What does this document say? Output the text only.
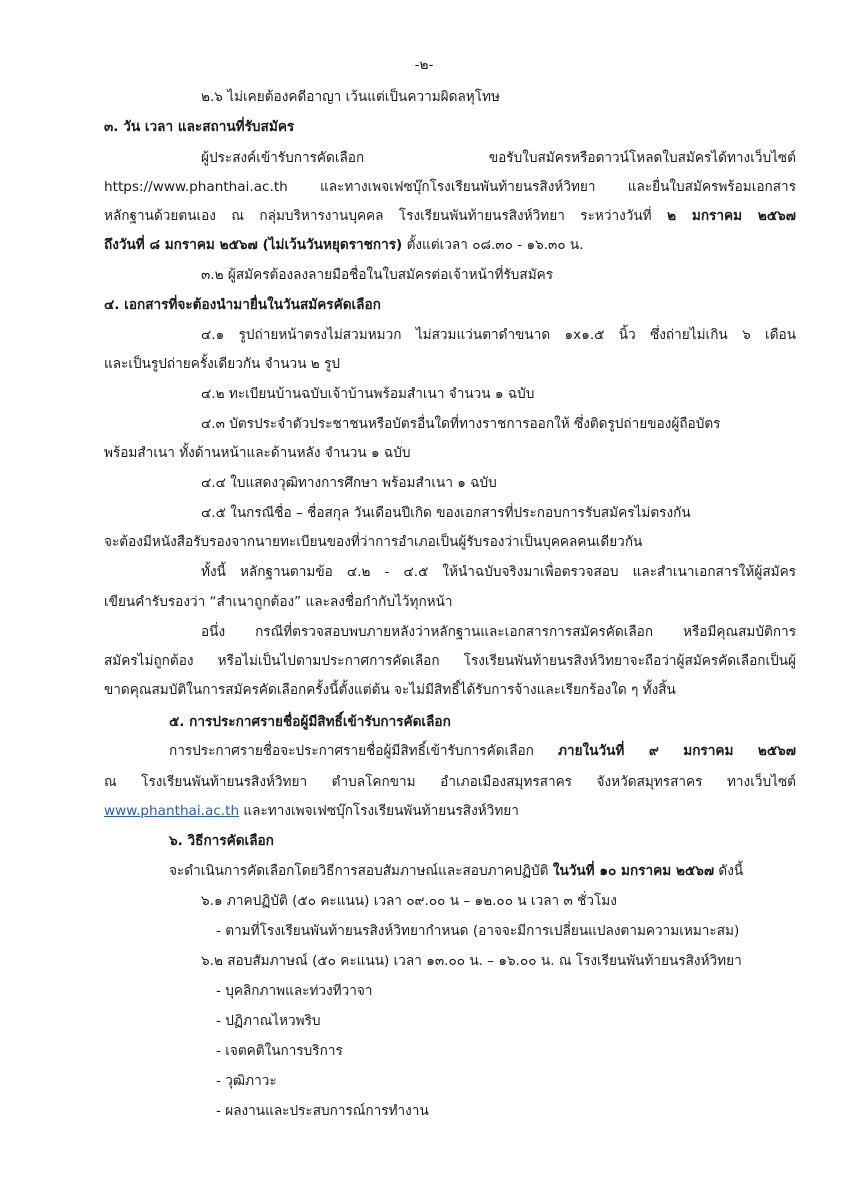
-๒-
๒.๖ ไม่เคยต้องคดีอาญา เว้นแต่เป็นความผิดลหุโทษ
๓. วัน เวลา และสถานที่รับสมัคร
ผู้ประสงค์เข้ารับการคัดเลือก ขอรับใบสมัครหรือดาวน์โหลดใบสมัครได้ทางเว็บไซต์
https://www.phanthai.ac.th และทางเพจเฟซบุ๊กโรงเรียนพันท้ายนรสิงห์วิทยา และยื่นใบสมัครพร้อมเอกสาร
หลักฐานด้วยตนเอง ณ กลุ่มบริหารงานบุคคล โรงเรียนพันท้ายนรสิงห์วิทยา ระหว่างวันที่ ๒ มกราคม ๒๕๖๗
ถึงวันที่ ๘ มกราคม ๒๕๖๗ (ไม่เว้นวันหยุดราชการ) ตั้งแต่เวลา ๐๘.๓๐ - ๑๖.๓๐ น.
๓.๒ ผู้สมัครต้องลงลายมือชื่อในใบสมัครต่อเจ้าหน้าที่รับสมัคร
๔. เอกสารที่จะต้องนำมายื่นในวันสมัครคัดเลือก
๔.๑ รูปถ่ายหน้าตรงไม่สวมหมวก ไม่สวมแว่นตาดำขนาด ๑x๑.๕ นิ้ว ซึ่งถ่ายไม่เกิน ๖ เดือน
และเป็นรูปถ่ายครั้งเดียวกัน จำนวน ๒ รูป
๔.๒ ทะเบียนบ้านฉบับเจ้าบ้านพร้อมสำเนา จำนวน ๑ ฉบับ
๔.๓ บัตรประจำตัวประชาชนหรือบัตรอื่นใดที่ทางราชการออกให้ ซึ่งติดรูปถ่ายของผู้ถือบัตร
พร้อมสำเนา ทั้งด้านหน้าและด้านหลัง จำนวน ๑ ฉบับ
๔.๔ ใบแสดงวุฒิทางการศึกษา พร้อมสำเนา ๑ ฉบับ
๔.๕ ในกรณีชื่อ – ชื่อสกุล วันเดือนปีเกิด ของเอกสารที่ประกอบการรับสมัครไม่ตรงกัน
จะต้องมีหนังสือรับรองจากนายทะเบียนของที่ว่าการอำเภอเป็นผู้รับรองว่าเป็นบุคคลคนเดียวกัน
ทั้งนี้ หลักฐานตามข้อ ๔.๒ - ๔.๕ ให้นำฉบับจริงมาเพื่อตรวจสอบ และสำเนาเอกสารให้ผู้สมัคร
เขียนคำรับรองว่า “สำเนาถูกต้อง” และลงชื่อกำกับไว้ทุกหน้า
อนึ่ง กรณีที่ตรวจสอบพบภายหลังว่าหลักฐานและเอกสารการสมัครคัดเลือก หรือมีคุณสมบัติการ
สมัครไม่ถูกต้อง หรือไม่เป็นไปตามประกาศการคัดเลือก โรงเรียนพันท้ายนรสิงห์วิทยาจะถือว่าผู้สมัครคัดเลือกเป็นผู้
ขาดคุณสมบัติในการสมัครคัดเลือกครั้งนี้ตั้งแต่ต้น จะไม่มีสิทธิ์ได้รับการจ้างและเรียกร้องใด ๆ ทั้งสิ้น
๕. การประกาศรายชื่อผู้มีสิทธิ์เข้ารับการคัดเลือก
การประกาศรายชื่อจะประกาศรายชื่อผู้มีสิทธิ์เข้ารับการคัดเลือก ภายในวันที่ ๙ มกราคม ๒๕๖๗
ณ โรงเรียนพันท้ายนรสิงห์วิทยา ตำบลโคกขาม อำเภอเมืองสมุทรสาคร จังหวัดสมุทรสาคร ทางเว็บไซต์
www.phanthai.ac.th และทางเพจเฟซบุ๊กโรงเรียนพันท้ายนรสิงห์วิทยา
๖. วิธีการคัดเลือก
จะดำเนินการคัดเลือกโดยวิธีการสอบสัมภาษณ์และสอบภาคปฏิบัติ ในวันที่ ๑๐ มกราคม ๒๕๖๗ ดังนี้
๖.๑ ภาคปฏิบัติ (๕๐ คะแนน) เวลา ๐๙.๐๐ น – ๑๒.๐๐ น เวลา ๓ ชั่วโมง
- ตามที่โรงเรียนพันท้ายนรสิงห์วิทยากำหนด (อาจจะมีการเปลี่ยนแปลงตามความเหมาะสม)
๖.๒ สอบสัมภาษณ์ (๕๐ คะแนน) เวลา ๑๓.๐๐ น. – ๑๖.๐๐ น. ณ โรงเรียนพันท้ายนรสิงห์วิทยา
- บุคลิกภาพและท่วงทีวาจา
- ปฏิภาณไหวพริบ
- เจตคติในการบริการ
- วุฒิภาวะ
- ผลงานและประสบการณ์การทำงาน
